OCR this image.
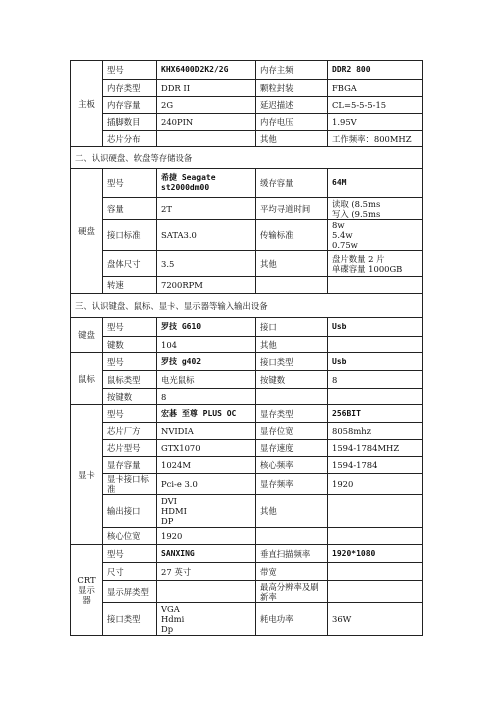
主板	型号	KHX6400D2K2/2G	内存主频	DDR2 800
	内存类型	DDR II	颗粒封装	FBGA
	内存容量	2G	延迟描述	CL=5-5-5-15
	插脚数目	240PIN	内存电压	1.95V
	芯片分布		其他	工作频率：800MHZ
二、认识硬盘、软盘等存储设备				
硬盘	型号	希捷 Seagate st2000dm00	缓存容量	64M
	容量	2T	平均寻道时间	读取 (8.5ms
写入 (9.5ms
	接口标准	SATA3.0	传输标准	8w
5.4w
0.75w
	盘体尺寸	3.5	其他	盘片数量 2 片
单碟容量 1000GB
	转速	7200RPM		
三、认识键盘、鼠标、显卡、显示器等输入输出设备				
键盘	型号	罗技 G610	接口	Usb
	键数	104	其他	
鼠标	型号	罗技 g402	接口类型	Usb
	鼠标类型	电光鼠标	按键数	8
	按键数	8		
显卡	型号	宏碁 至尊 PLUS OC	显存类型	256BIT
	芯片厂方	NVIDIA	显存位宽	8058mhz
	芯片型号	GTX1070	显存速度	1594-1784MHZ
	显存容量	1024M	核心频率	1594-1784
	显卡接口标准	Pci-e 3.0	显存频率	1920
	输出接口	DVI
HDMI
DP	其他	
	核心位宽	1920		
CRT
显示
器	型号	SANXING	垂直扫描频率	1920*1080
	尺寸	27 英寸	带宽	
	显示屏类型		最高分辨率及刷新率	
	接口类型	VGA
Hdmi
Dp	耗电功率	36W
